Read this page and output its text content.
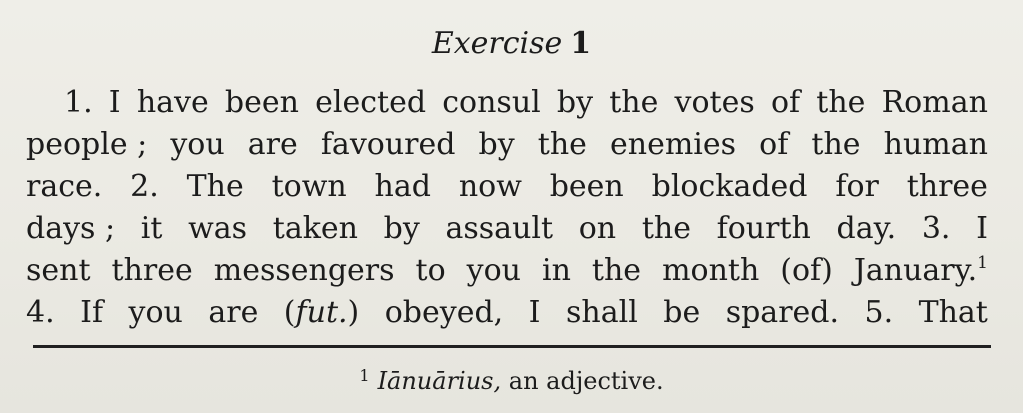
Exercise 1
1. I have been elected consul by the votes of the Roman
people ; you are favoured by the enemies of the human
race. 2. The town had now been blockaded for three
days ; it was taken by assault on the fourth day. 3. I
sent three messengers to you in the month (of) January.$^1$
4. If you are (fut.) obeyed, I shall be spared. 5. That
$^1$ Iānuārius, an adjective.
